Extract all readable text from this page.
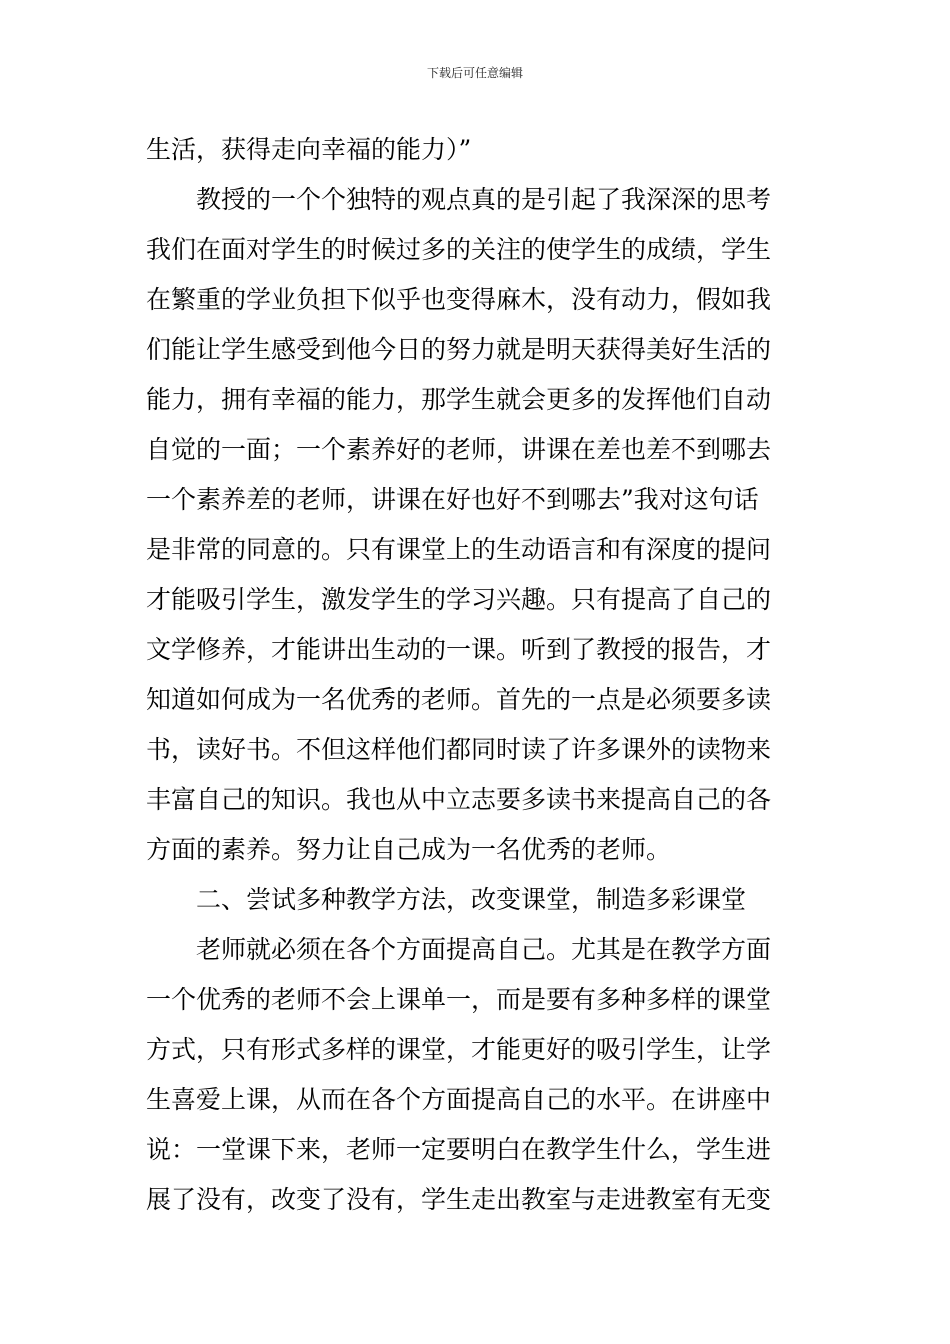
下载后可任意编辑
生活，获得走向幸福的能力）”
教授的一个个独特的观点真的是引起了我深深的思考
我们在面对学生的时候过多的关注的使学生的成绩，学生
在繁重的学业负担下似乎也变得麻木，没有动力，假如我
们能让学生感受到他今日的努力就是明天获得美好生活的
能力，拥有幸福的能力，那学生就会更多的发挥他们自动
自觉的一面；一个素养好的老师，讲课在差也差不到哪去
一个素养差的老师，讲课在好也好不到哪去”我对这句话
是非常的同意的。只有课堂上的生动语言和有深度的提问
才能吸引学生，激发学生的学习兴趣。只有提高了自己的
文学修养，才能讲出生动的一课。听到了教授的报告，才
知道如何成为一名优秀的老师。首先的一点是必须要多读
书，读好书。不但这样他们都同时读了许多课外的读物来
丰富自己的知识。我也从中立志要多读书来提高自己的各
方面的素养。努力让自己成为一名优秀的老师。
二、尝试多种教学方法，改变课堂，制造多彩课堂
老师就必须在各个方面提高自己。尤其是在教学方面
一个优秀的老师不会上课单一，而是要有多种多样的课堂
方式，只有形式多样的课堂，才能更好的吸引学生，让学
生喜爱上课，从而在各个方面提高自己的水平。在讲座中
说：一堂课下来，老师一定要明白在教学生什么，学生进
展了没有，改变了没有，学生走出教室与走进教室有无变
